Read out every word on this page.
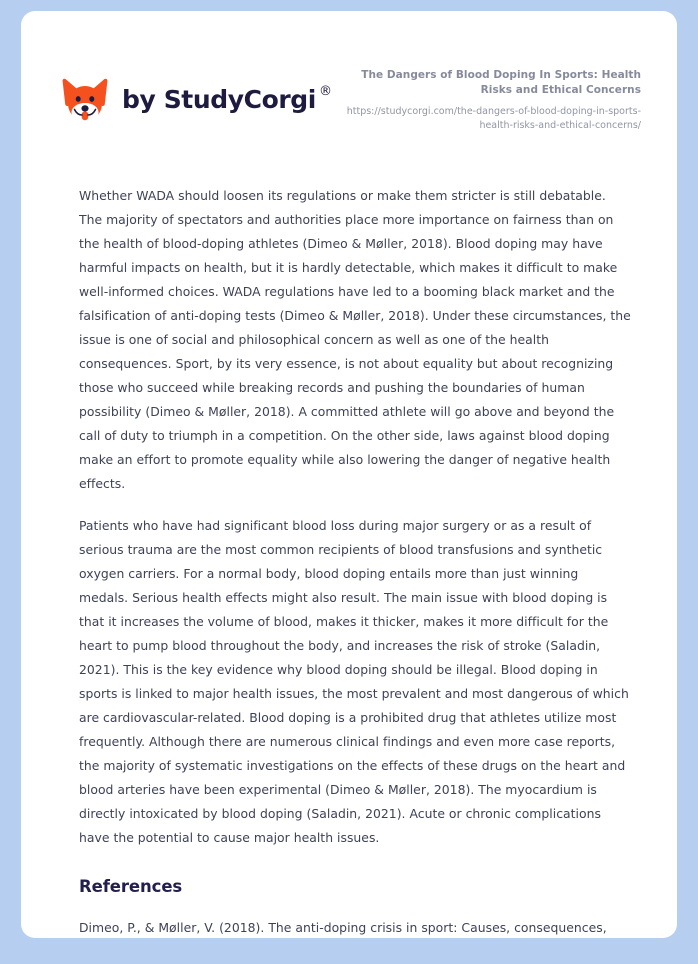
by StudyCorgi ®

The Dangers of Blood Doping In Sports: Health Risks and Ethical Concerns

https://studycorgi.com/the-dangers-of-blood-doping-in-sports-health-risks-and-ethical-concerns/

Whether WADA should loosen its regulations or make them stricter is still debatable. The majority of spectators and authorities place more importance on fairness than on the health of blood-doping athletes (Dimeo & Møller, 2018). Blood doping may have harmful impacts on health, but it is hardly detectable, which makes it difficult to make well-informed choices. WADA regulations have led to a booming black market and the falsification of anti-doping tests (Dimeo & Møller, 2018). Under these circumstances, the issue is one of social and philosophical concern as well as one of the health consequences. Sport, by its very essence, is not about equality but about recognizing those who succeed while breaking records and pushing the boundaries of human possibility (Dimeo & Møller, 2018). A committed athlete will go above and beyond the call of duty to triumph in a competition. On the other side, laws against blood doping make an effort to promote equality while also lowering the danger of negative health effects.

Patients who have had significant blood loss during major surgery or as a result of serious trauma are the most common recipients of blood transfusions and synthetic oxygen carriers. For a normal body, blood doping entails more than just winning medals. Serious health effects might also result. The main issue with blood doping is that it increases the volume of blood, makes it thicker, makes it more difficult for the heart to pump blood throughout the body, and increases the risk of stroke (Saladin, 2021). This is the key evidence why blood doping should be illegal. Blood doping in sports is linked to major health issues, the most prevalent and most dangerous of which are cardiovascular-related. Blood doping is a prohibited drug that athletes utilize most frequently. Although there are numerous clinical findings and even more case reports, the majority of systematic investigations on the effects of these drugs on the heart and blood arteries have been experimental (Dimeo & Møller, 2018). The myocardium is directly intoxicated by blood doping (Saladin, 2021). Acute or chronic complications have the potential to cause major health issues.

References

Dimeo, P., & Møller, V. (2018). The anti-doping crisis in sport: Causes, consequences,
